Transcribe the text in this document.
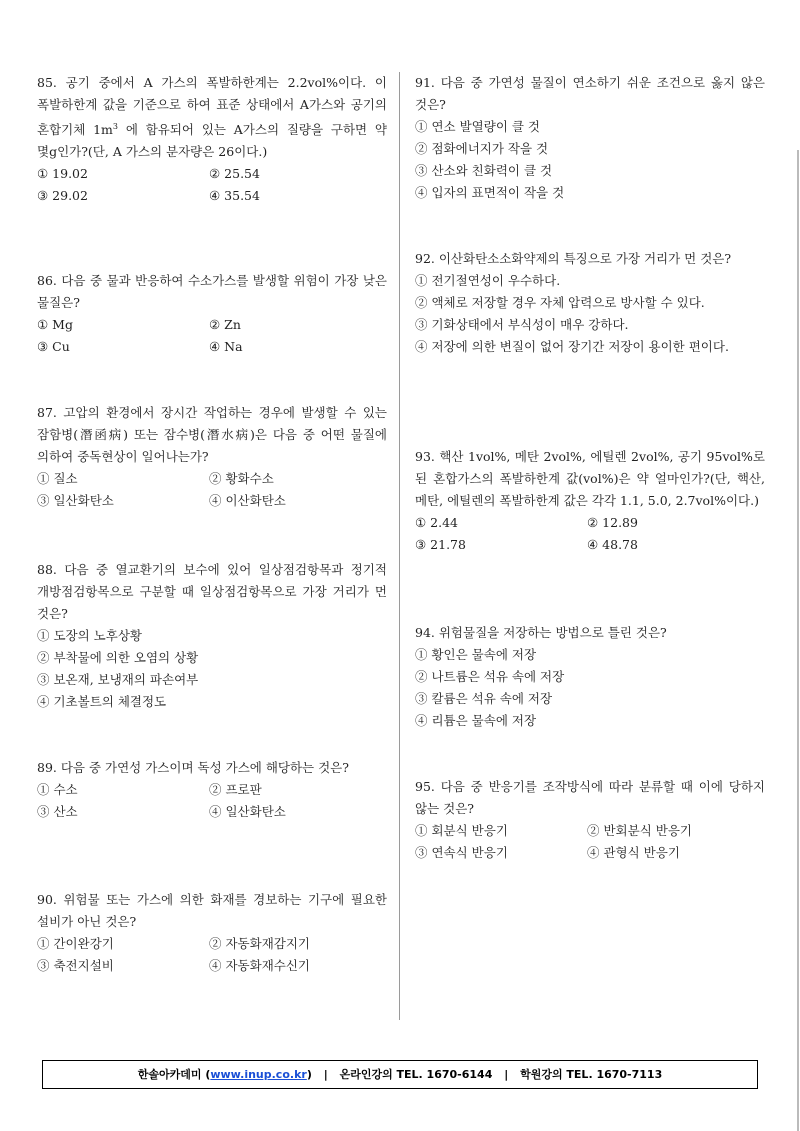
85. 공기 중에서 A 가스의 폭발하한계는 2.2vol%이다. 이 폭발하한계 값을 기준으로 하여 표준 상태에서 A가스와 공기의 혼합기체 $1m^3$ 에 함유되어 있는 A가스의 질량을 구하면 약 몇g인가?(단, A 가스의 분자량은 26이다.)
① 19.02	② 25.54
③ 29.02	④ 35.54
86. 다음 중 물과 반응하여 수소가스를 발생할 위험이 가장 낮은 물질은?
① Mg	② Zn
③ Cu	④ Na
87. 고압의 환경에서 장시간 작업하는 경우에 발생할 수 있는 잠함병(潛函病) 또는 잠수병(潛水病)은 다음 중 어떤 물질에 의하여 중독현상이 일어나는가?
① 질소	② 황화수소
③ 일산화탄소	④ 이산화탄소
88. 다음 중 열교환기의 보수에 있어 일상점검항목과 정기적 개방점검항목으로 구분할 때 일상점검항목으로 가장 거리가 먼 것은?
① 도장의 노후상황
② 부착물에 의한 오염의 상황
③ 보온재, 보냉재의 파손여부
④ 기초볼트의 체결정도
89. 다음 중 가연성 가스이며 독성 가스에 해당하는 것은?
① 수소	② 프로판
③ 산소	④ 일산화탄소
90. 위험물 또는 가스에 의한 화재를 경보하는 기구에 필요한 설비가 아닌 것은?
① 간이완강기	② 자동화재감지기
③ 축전지설비	④ 자동화재수신기
91. 다음 중 가연성 물질이 연소하기 쉬운 조건으로 옳지 않은 것은?
① 연소 발열량이 클 것
② 점화에너지가 작을 것
③ 산소와 친화력이 클 것
④ 입자의 표면적이 작을 것
92. 이산화탄소소화약제의 특징으로 가장 거리가 먼 것은?
① 전기절연성이 우수하다.
② 액체로 저장할 경우 자체 압력으로 방사할 수 있다.
③ 기화상태에서 부식성이 매우 강하다.
④ 저장에 의한 변질이 없어 장기간 저장이 용이한 편이다.
93. 핵산 1vol%, 메탄 2vol%, 에틸렌 2vol%, 공기 95vol%로 된 혼합가스의 폭발하한계 값(vol%)은 약 얼마인가?(단, 핵산, 메탄, 에틸렌의 폭발하한계 값은 각각 1.1, 5.0, 2.7vol%이다.)
① 2.44	② 12.89
③ 21.78	④ 48.78
94. 위험물질을 저장하는 방법으로 틀린 것은?
① 황인은 물속에 저장
② 나트륨은 석유 속에 저장
③ 칼륨은 석유 속에 저장
④ 리튬은 물속에 저장
95. 다음 중 반응기를 조작방식에 따라 분류할 때 이에 당하지 않는 것은?
① 회분식 반응기	② 반회분식 반응기
③ 연속식 반응기	④ 관형식 반응기
한솔아카데미 (www.inup.co.kr) | 온라인강의 TEL. 1670-6144 | 학원강의 TEL. 1670-7113
